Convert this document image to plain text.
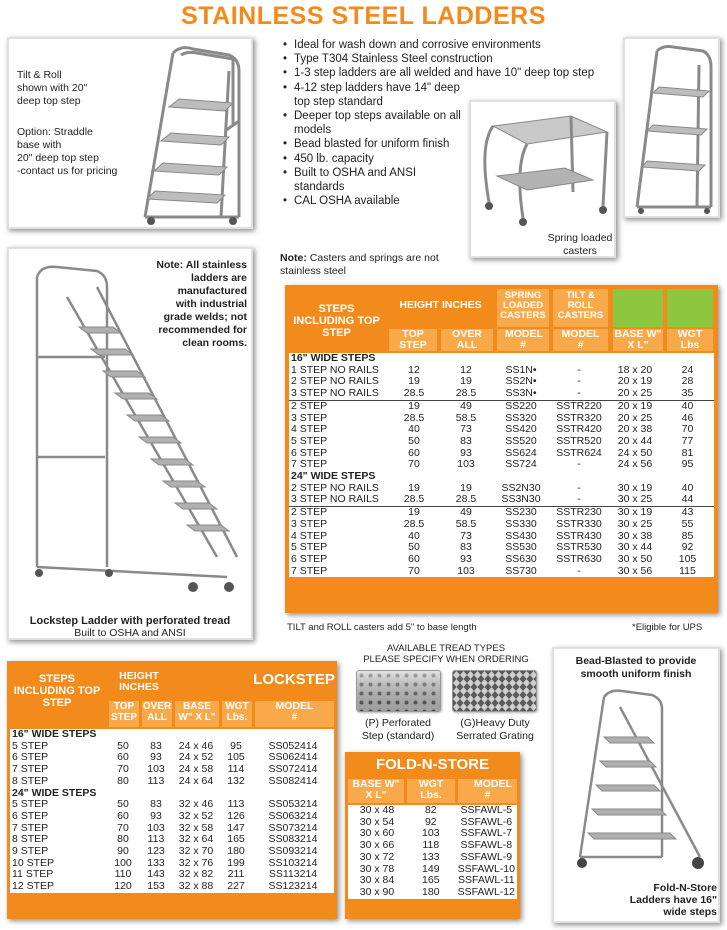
STAINLESS STEEL LADDERS
Tilt & Roll
shown with 20"
deep top step
Option: Straddle
base with
20" deep top step
-contact us for pricing
• Ideal for wash down and corrosive environments
• Type T304 Stainless Steel construction
• 1-3 step ladders are all welded and have 10" deep top step
• 4-12 step ladders have 14" deep top step standard
• Deeper top steps available on all models
• Bead blasted for uniform finish
• 450 lb. capacity
• Built to OSHA and ANSI standards
• CAL OSHA available
Spring loaded
casters
Note: Casters and springs are not stainless steel
Note: All stainless
ladders are
manufactured
with industrial
grade welds; not
recommended for
clean rooms.
Lockstep Ladder with perforated tread
Built to OSHA and ANSI
STEPS INCLUDING TOP STEP
HEIGHT INCHES
SPRING LOADED CASTERS
TILT & ROLL CASTERS
TOP STEP
OVER ALL
MODEL #
MODEL #
BASE W" X L"
WGT Lbs
16" WIDE STEPS						
1 STEP NO RAILS	12	12	SS1N•	-	18 x 20	24
2 STEP NO RAILS	19	19	SS2N•	-	20 x 19	28
3 STEP NO RAILS	28.5	28.5	SS3N•	-	20 x 25	35
2 STEP	19	49	SS220	SSTR220	20 x 19	40
3 STEP	28.5	58.5	SS320	SSTR320	20 x 25	46
4 STEP	40	73	SS420	SSTR420	20 x 38	70
5 STEP	50	83	SS520	SSTR520	20 x 44	77
6 STEP	60	93	SS624	SSTR624	24 x 50	81
7 STEP	70	103	SS724	-	24 x 56	95
24" WIDE STEPS						
2 STEP NO RAILS	19	19	SS2N30	-	30 x 19	40
3 STEP NO RAILS	28.5	28.5	SS3N30	-	30 x 25	44
2 STEP	19	49	SS230	SSTR230	30 x 19	43
3 STEP	28.5	58.5	SS330	SSTR330	30 x 25	55
4 STEP	40	73	SS430	SSTR430	30 x 38	85
5 STEP	50	83	SS530	SSTR530	30 x 44	92
6 STEP	60	93	SS630	SSTR630	30 x 50	105
7 STEP	70	103	SS730	-	30 x 56	115
TILT and ROLL casters add 5" to base length	*Eligible for UPS
STEPS INCLUDING TOP STEP
HEIGHT INCHES
TOP STEP
OVER ALL
BASE W" X L"
WGT Lbs.
LOCKSTEP
MODEL #
16" WIDE STEPS					
5 STEP	50	83	24 x 46	95	SS052414
6 STEP	60	93	24 x 52	105	SS062414
7 STEP	70	103	24 x 58	114	SS072414
8 STEP	80	113	24 x 64	132	SS082414
24" WIDE STEPS					
5 STEP	50	83	32 x 46	113	SS053214
6 STEP	60	93	32 x 52	126	SS063214
7 STEP	70	103	32 x 58	147	SS073214
8 STEP	80	113	32 x 64	165	SS083214
9 STEP	90	123	32 x 70	180	SS093214
10 STEP	100	133	32 x 76	199	SS103214
11 STEP	110	143	32 x 82	211	SS113214
12 STEP	120	153	32 x 88	227	SS123214
AVAILABLE TREAD TYPES
PLEASE SPECIFY WHEN ORDERING
(P) Perforated
Step (standard)
(G)Heavy Duty
Serrated Grating
FOLD-N-STORE
BASE W" X L"
WGT Lbs.
MODEL #
30 x 48	82	SSFAWL-5
30 x 54	92	SSFAWL-6
30 x 60	103	SSFAWL-7
30 x 66	118	SSFAWL-8
30 x 72	133	SSFAWL-9
30 x 78	149	SSFAWL-10
30 x 84	165	SSFAWL-11
30 x 90	180	SSFAWL-12
Bead-Blasted to provide
smooth uniform finish
Fold-N-Store
Ladders have 16"
wide steps
